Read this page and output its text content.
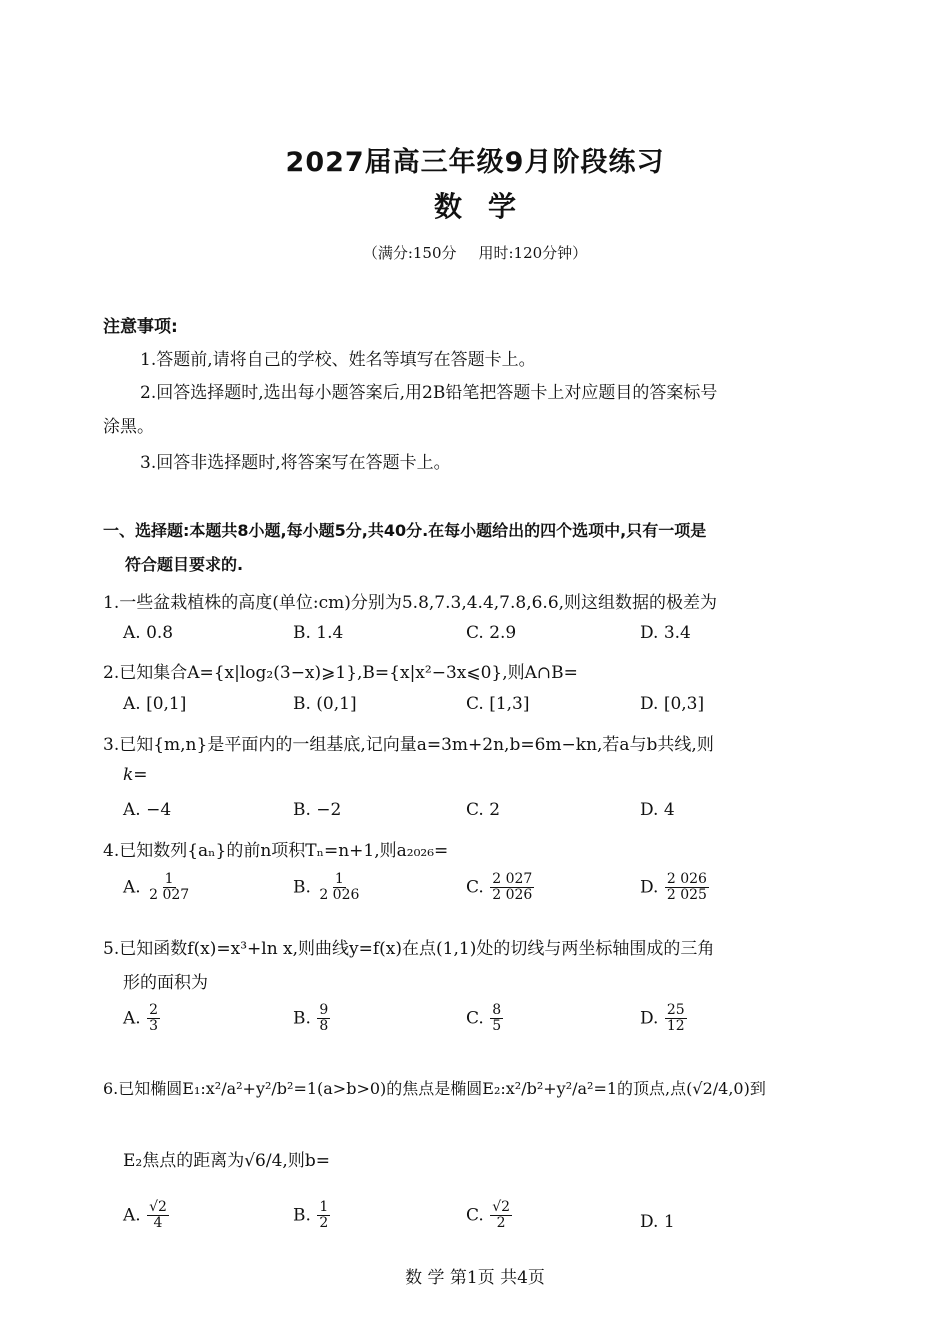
2027届高三年级9月阶段练习
数学
（满分:150分 用时:120分钟）
注意事项:
1.答题前,请将自己的学校、姓名等填写在答题卡上。
2.回答选择题时,选出每小题答案后,用2B铅笔把答题卡上对应题目的答案标号
涂黑。
3.回答非选择题时,将答案写在答题卡上。
一、选择题:本题共8小题,每小题5分,共40分.在每小题给出的四个选项中,只有一项是
符合题目要求的.
1.一些盆栽植株的高度(单位:cm)分别为5.8,7.3,4.4,7.8,6.6,则这组数据的极差为
A. 0.8	B. 1.4	C. 2.9	D. 3.4
2.已知集合A={x|log₂(3−x)⩾1},B={x|x²−3x⩽0},则A∩B=
A. [0,1]	B. (0,1]	C. [1,3]	D. [0,3]
3.已知{m,n}是平面内的一组基底,记向量a=3m+2n,b=6m−kn,若a与b共线,则
k=
A. −4	B. −2	C. 2	D. 4
4.已知数列{aₙ}的前n项积Tₙ=n+1,则a₂₀₂₆=
A. $\frac{1}{2 027}$	B. $\frac{1}{2 026}$	C. $\frac{2 027}{2 026}$	D. $\frac{2 026}{2 025}$
5.已知函数f(x)=x³+ln x,则曲线y=f(x)在点(1,1)处的切线与两坐标轴围成的三角
形的面积为
A. $\frac{2}{3}$	B. $\frac{9}{8}$	C. $\frac{8}{5}$	D. $\frac{25}{12}$
6.已知椭圆E₁:x²/a²+y²/b²=1(a>b>0)的焦点是椭圆E₂:x²/b²+y²/a²=1的顶点,点(√2/4,0)到
E₂焦点的距离为√6/4,则b=
A. $\frac{√2}{4}$	B. $\frac{1}{2}$	C. $\frac{√2}{2}$	D. 1
数 学 第1页 共4页
